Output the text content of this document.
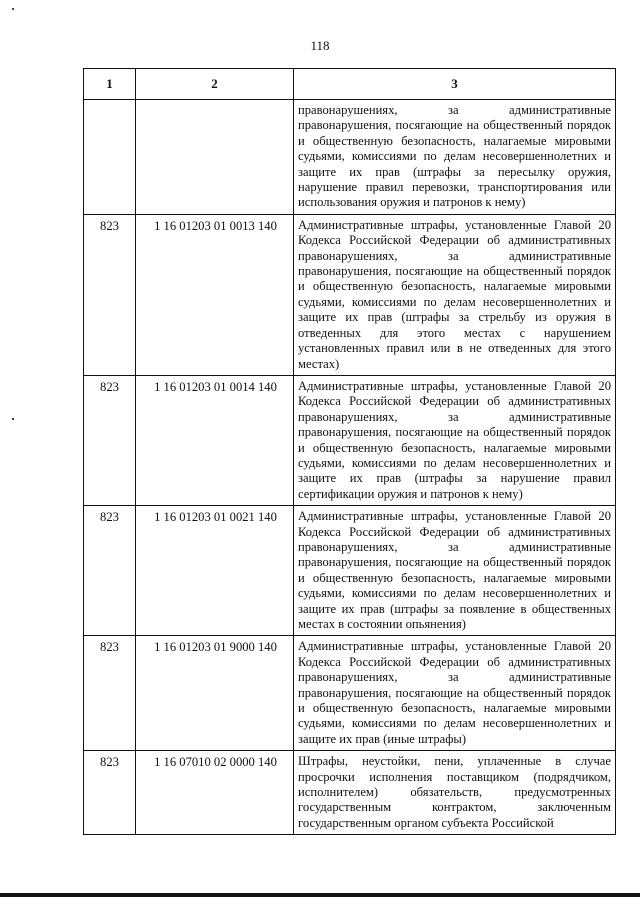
118
1	2	3
		правонарушениях, за административные правонарушения, посягающие на общественный порядок и общественную безопасность, налагаемые мировыми судьями, комиссиями по делам несовершеннолетних и защите их прав (штрафы за пересылку оружия, нарушение правил перевозки, транспортирования или использования оружия и патронов к нему)
823	1 16 01203 01 0013 140	Административные штрафы, установленные Главой 20 Кодекса Российской Федерации об административных правонарушениях, за административные правонарушения, посягающие на общественный порядок и общественную безопасность, налагаемые мировыми судьями, комиссиями по делам несовершеннолетних и защите их прав (штрафы за стрельбу из оружия в отведенных для этого местах с нарушением установленных правил или в не отведенных для этого местах)
823	1 16 01203 01 0014 140	Административные штрафы, установленные Главой 20 Кодекса Российской Федерации об административных правонарушениях, за административные правонарушения, посягающие на общественный порядок и общественную безопасность, налагаемые мировыми судьями, комиссиями по делам несовершеннолетних и защите их прав (штрафы за нарушение правил сертификации оружия и патронов к нему)
823	1 16 01203 01 0021 140	Административные штрафы, установленные Главой 20 Кодекса Российской Федерации об административных правонарушениях, за административные правонарушения, посягающие на общественный порядок и общественную безопасность, налагаемые мировыми судьями, комиссиями по делам несовершеннолетних и защите их прав (штрафы за появление в общественных местах в состоянии опьянения)
823	1 16 01203 01 9000 140	Административные штрафы, установленные Главой 20 Кодекса Российской Федерации об административных правонарушениях, за административные правонарушения, посягающие на общественный порядок и общественную безопасность, налагаемые мировыми судьями, комиссиями по делам несовершеннолетних и защите их прав (иные штрафы)
823	1 16 07010 02 0000 140	Штрафы, неустойки, пени, уплаченные в случае просрочки исполнения поставщиком (подрядчиком, исполнителем) обязательств, предусмотренных государственным контрактом, заключенным государственным органом субъекта Российской
